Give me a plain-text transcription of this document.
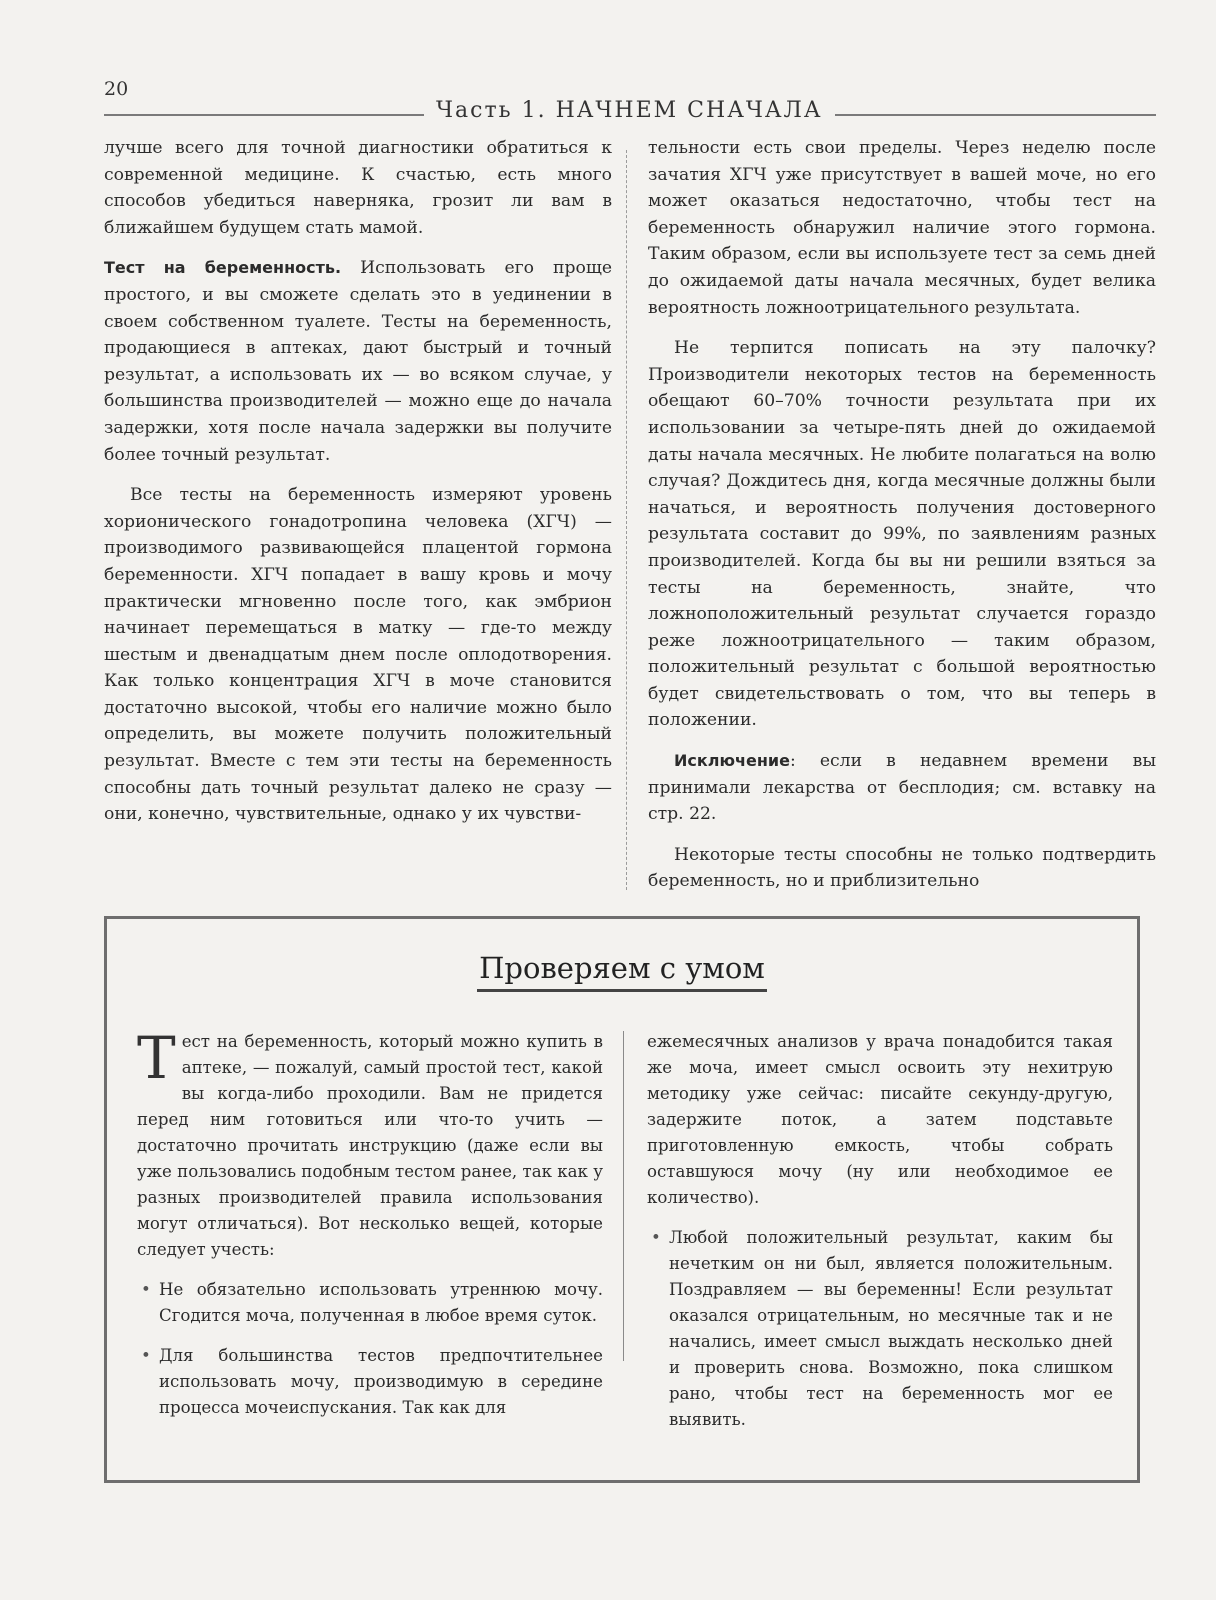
20
Часть 1. НАЧНЕМ СНАЧАЛА

лучше всего для точной диагностики обратиться к современной медицине. К счастью, есть много способов убедиться наверняка, грозит ли вам в ближайшем будущем стать мамой.

Тест на беременность. Использовать его проще простого, и вы сможете сделать это в уединении в своем собственном туалете. Тесты на беременность, продающиеся в аптеках, дают быстрый и точный результат, а использовать их — во всяком случае, у большинства производителей — можно еще до начала задержки, хотя после начала задержки вы получите более точный результат.

Все тесты на беременность измеряют уровень хорионического гонадотропина человека (ХГЧ) — производимого развивающейся плацентой гормона беременности. ХГЧ попадает в вашу кровь и мочу практически мгновенно после того, как эмбрион начинает перемещаться в матку — где-то между шестым и двенадцатым днем после оплодотворения. Как только концентрация ХГЧ в моче становится достаточно высокой, чтобы его наличие можно было определить, вы можете получить положительный результат. Вместе с тем эти тесты на беременность способны дать точный результат далеко не сразу — они, конечно, чувствительные, однако у их чувстви-

тельности есть свои пределы. Через неделю после зачатия ХГЧ уже присутствует в вашей моче, но его может оказаться недостаточно, чтобы тест на беременность обнаружил наличие этого гормона. Таким образом, если вы используете тест за семь дней до ожидаемой даты начала месячных, будет велика вероятность ложноотрицательного результата.

Не терпится пописать на эту палочку? Производители некоторых тестов на беременность обещают 60–70% точности результата при их использовании за четыре-пять дней до ожидаемой даты начала месячных. Не любите полагаться на волю случая? Дождитесь дня, когда месячные должны были начаться, и вероятность получения достоверного результата составит до 99%, по заявлениям разных производителей. Когда бы вы ни решили взяться за тесты на беременность, знайте, что ложноположительный результат случается гораздо реже ложноотрицательного — таким образом, положительный результат с большой вероятностью будет свидетельствовать о том, что вы теперь в положении.

Исключение: если в недавнем времени вы принимали лекарства от бесплодия; см. вставку на стр. 22.

Некоторые тесты способны не только подтвердить беременность, но и приблизительно

Проверяем с умом

Тест на беременность, который можно купить в аптеке, — пожалуй, самый простой тест, какой вы когда-либо проходили. Вам не придется перед ним готовиться или что-то учить — достаточно прочитать инструкцию (даже если вы уже пользовались подобным тестом ранее, так как у разных производителей правила использования могут отличаться). Вот несколько вещей, которые следует учесть:

• Не обязательно использовать утреннюю мочу. Сгодится моча, полученная в любое время суток.
• Для большинства тестов предпочтительнее использовать мочу, производимую в середине процесса мочеиспускания. Так как для

ежемесячных анализов у врача понадобится такая же моча, имеет смысл освоить эту нехитрую методику уже сейчас: писайте секунду-другую, задержите поток, а затем подставьте приготовленную емкость, чтобы собрать оставшуюся мочу (ну или необходимое ее количество).

• Любой положительный результат, каким бы нечетким он ни был, является положительным. Поздравляем — вы беременны! Если результат оказался отрицательным, но месячные так и не начались, имеет смысл выждать несколько дней и проверить снова. Возможно, пока слишком рано, чтобы тест на беременность мог ее выявить.
